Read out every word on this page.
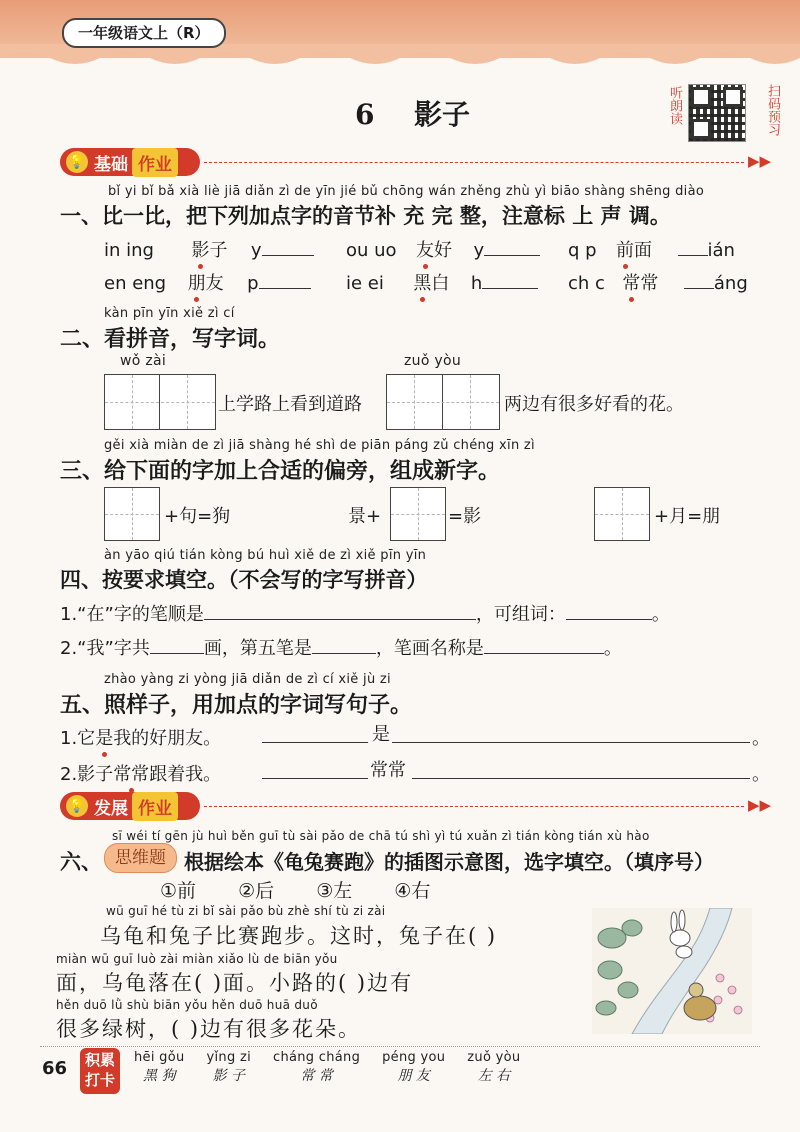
一年级语文上（R）
6 影子	听朗读	扫码预习
💡 基础 作业	▶▶
bǐ yi bǐ bǎ xià liè jiā diǎn zì de yīn jié bǔ chōng wán zhěng zhù yì biāo shàng shēng diào
一、比一比，把下列加点字的音节补 充 完 整，注意标 上 声 调。
in ing 影子 y	ou uo 友好 y	q p 前面	ián
en eng 朋友 p	ie ei 黑白 h	ch c 常常	áng
kàn pīn yīn xiě zì cí
二、看拼音，写字词。
wǒ zài	zuǒ yòu
上学路上看到道路	两边有很多好看的花。
gěi xià miàn de zì jiā shàng hé shì de piān páng zǔ chéng xīn zì
三、给下面的字加上合适的偏旁，组成新字。
+句=狗	景+	=影	+月=朋
àn yāo qiú tián kòng bú huì xiě de zì xiě pīn yīn
四、按要求填空。（不会写的字写拼音）
1.“在”字的笔顺是	，可组词：	。
2.“我”字共	画，第五笔是	，笔画名称是	。
zhào yàng zi yòng jiā diǎn de zì cí xiě jù zi
五、照样子，用加点的字词写句子。
1.它是我的好朋友。	是	。
2.影子常常跟着我。	常常	。
💡 发展 作业	▶▶
sī wéi tí gēn jù huì běn guī tù sài pǎo de chā tú shì yì tú xuǎn zì tián kòng tián xù hào
六、 思维题 根据绘本《龟兔赛跑》的插图示意图，选字填空。（填序号）
①前 ②后 ③左 ④右
wū guī hé tù zi bǐ sài pǎo bù zhè shí tù zi zài
乌龟和兔子比赛跑步。这时，兔子在( )
miàn wū guī luò zài miàn xiǎo lù de biān yǒu
面，乌龟落在( )面。小路的( )边有
hěn duō lǜ shù biān yǒu hěn duō huā duǒ
很多绿树，( )边有很多花朵。
66	积累
打卡
hēi gǒu
黑 狗
yǐng zi
影 子
cháng cháng
常 常
péng you
朋 友
zuǒ yòu
左 右
